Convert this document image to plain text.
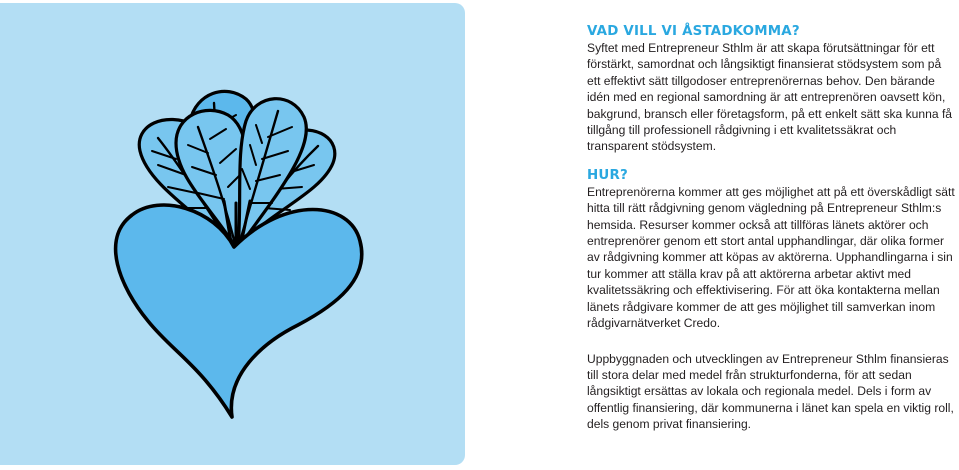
VAD VILL VI ÅSTADKOMMA?

Syftet med Entrepreneur Sthlm är att skapa förutsättningar för ett förstärkt, samordnat och långsiktigt finansierat stödsystem som på ett effektivt sätt tillgodoser entreprenörernas behov. Den bärande idén med en regional samordning är att entreprenören oavsett kön, bakgrund, bransch eller företagsform, på ett enkelt sätt ska kunna få tillgång till professionell rådgivning i ett kvalitetssäkrat och transparent stödsystem.

HUR?

Entreprenörerna kommer att ges möjlighet att på ett överskådligt sätt hitta till rätt rådgivning genom vägledning på Entrepreneur Sthlm:s hemsida. Resurser kommer också att tillföras länets aktörer och entreprenörer genom ett stort antal upphandlingar, där olika former av rådgivning kommer att köpas av aktörerna. Upphandlingarna i sin tur kommer att ställa krav på att aktörerna arbetar aktivt med kvalitetssäkring och effektivisering. För att öka kontakterna mellan länets rådgivare kommer de att ges möjlighet till samverkan inom rådgivarnätverket Credo.

Uppbyggnaden och utvecklingen av Entrepreneur Sthlm finansieras till stora delar med medel från strukturfonderna, för att sedan långsiktigt ersättas av lokala och regionala medel. Dels i form av offentlig finansiering, där kommunerna i länet kan spela en viktig roll, dels genom privat finansiering.
